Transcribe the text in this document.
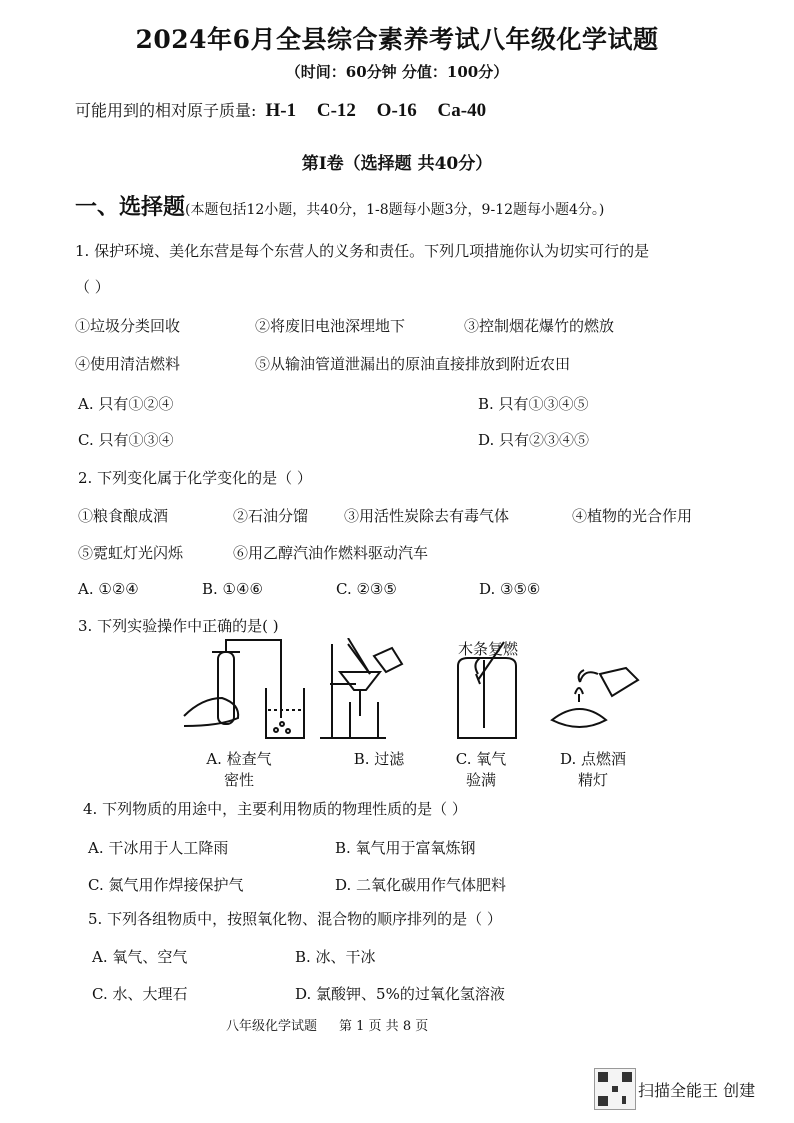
2024年6月全县综合素养考试八年级化学试题
（时间：60分钟 分值：100分）
可能用到的相对原子质量: H-1 C-12 O-16 Ca-40
第I卷（选择题 共40分）
一、选择题(本题包括12小题，共40分，1-8题每小题3分，9-12题每小题4分。)
1. 保护环境、美化东营是每个东营人的义务和责任。下列几项措施你认为切实可行的是
（ ）
①垃圾分类回收	②将废旧电池深埋地下	③控制烟花爆竹的燃放
④使用清洁燃料	⑤从输油管道泄漏出的原油直接排放到附近农田
A. 只有①②④	B. 只有①③④⑤
C. 只有①③④	D. 只有②③④⑤
2. 下列变化属于化学变化的是（ ）
①粮食酿成酒	②石油分馏 ③用活性炭除去有毒气体	④植物的光合作用
⑤霓虹灯光闪烁	⑥用乙醇汽油作燃料驱动汽车
A. ①②④	B. ①④⑥	C. ②③⑤	D. ③⑤⑥
3. 下列实验操作中正确的是( )
木条复燃
A. 检查气
密性
B. 过滤	C. 氧气
验满
D. 点燃酒
精灯
4. 下列物质的用途中，主要利用物质的物理性质的是（ ）
A. 干冰用于人工降雨	B. 氧气用于富氧炼钢
C. 氮气用作焊接保护气	D. 二氧化碳用作气体肥料
5. 下列各组物质中，按照氧化物、混合物的顺序排列的是（ ）
A. 氧气、空气	B. 冰、干冰
C. 水、大理石	D. 氯酸钾、5%的过氧化氢溶液
八年级化学试题 第 1 页 共 8 页
扫描全能王 创建
